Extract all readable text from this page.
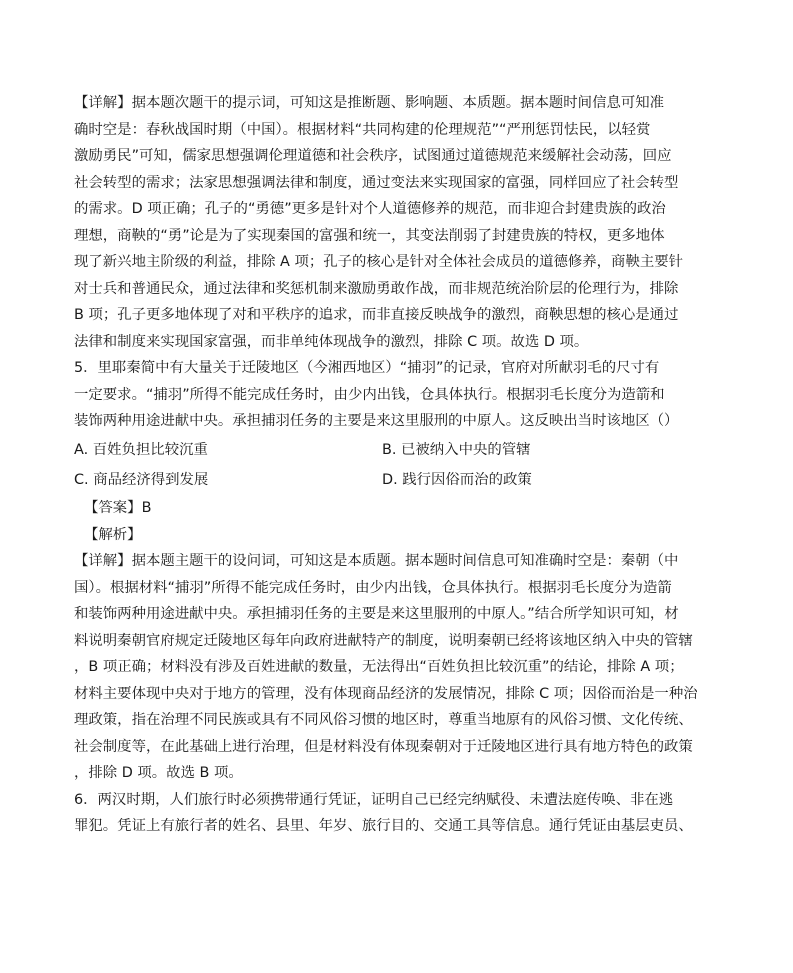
【详解】据本题次题干的提示词，可知这是推断题、影响题、本质题。据本题时间信息可知准
确时空是：春秋战国时期（中国）。根据材料“共同构建的伦理规范”“严刑惩罚怯民，以轻赏
激励勇民”可知，儒家思想强调伦理道德和社会秩序，试图通过道德规范来缓解社会动荡，回应
社会转型的需求；法家思想强调法律和制度，通过变法来实现国家的富强，同样回应了社会转型
的需求。D 项正确；孔子的“勇德”更多是针对个人道德修养的规范，而非迎合封建贵族的政治
理想，商鞅的“勇”论是为了实现秦国的富强和统一，其变法削弱了封建贵族的特权，更多地体
现了新兴地主阶级的利益，排除 A 项；孔子的核心是针对全体社会成员的道德修养，商鞅主要针
对士兵和普通民众，通过法律和奖惩机制来激励勇敢作战，而非规范统治阶层的伦理行为，排除
B 项；孔子更多地体现了对和平秩序的追求，而非直接反映战争的激烈，商鞅思想的核心是通过
法律和制度来实现国家富强，而非单纯体现战争的激烈，排除 C 项。故选 D 项。
5．里耶秦简中有大量关于迁陵地区（今湘西地区）“捕羽”的记录，官府对所献羽毛的尺寸有
一定要求。“捕羽”所得不能完成任务时，由少内出钱，仓具体执行。根据羽毛长度分为造箭和
装饰两种用途进献中央。承担捕羽任务的主要是来这里服刑的中原人。这反映出当时该地区（）
A. 百姓负担比较沉重	B. 已被纳入中央的管辖
C. 商品经济得到发展	D. 践行因俗而治的政策
【答案】B
【解析】
【详解】据本题主题干的设问词，可知这是本质题。据本题时间信息可知准确时空是：秦朝（中
国）。根据材料“捕羽”所得不能完成任务时，由少内出钱，仓具体执行。根据羽毛长度分为造箭
和装饰两种用途进献中央。承担捕羽任务的主要是来这里服刑的中原人。”结合所学知识可知，材
料说明秦朝官府规定迁陵地区每年向政府进献特产的制度，说明秦朝已经将该地区纳入中央的管辖
，B 项正确；材料没有涉及百姓进献的数量，无法得出“百姓负担比较沉重”的结论，排除 A 项；
材料主要体现中央对于地方的管理，没有体现商品经济的发展情况，排除 C 项；因俗而治是一种治
理政策，指在治理不同民族或具有不同风俗习惯的地区时，尊重当地原有的风俗习惯、文化传统、
社会制度等，在此基础上进行治理，但是材料没有体现秦朝对于迁陵地区进行具有地方特色的政策
，排除 D 项。故选 B 项。
6．两汉时期，人们旅行时必须携带通行凭证，证明自己已经完纳赋役、未遭法庭传唤、非在逃
罪犯。凭证上有旅行者的姓名、县里、年岁、旅行目的、交通工具等信息。通行凭证由基层吏员、
